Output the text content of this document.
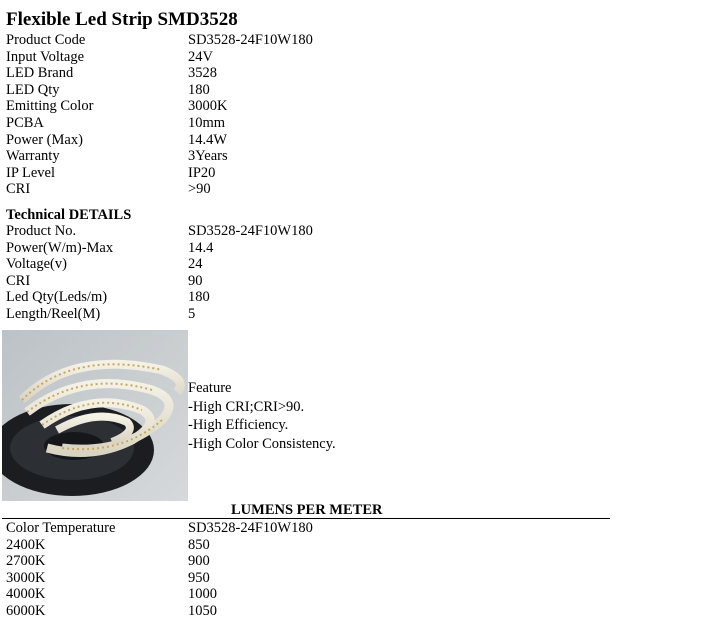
Flexible Led Strip SMD3528
Product Code	SD3528-24F10W180
Input Voltage	24V
LED Brand	3528
LED Qty	180
Emitting Color	3000K
PCBA	10mm
Power (Max)	14.4W
Warranty	3Years
IP Level	IP20
CRI	>90
Technical DETAILS
Product No.	SD3528-24F10W180
Power(W/m)-Max	14.4
Voltage(v)	24
CRI	90
Led Qty(Leds/m)	180
Length/Reel(M)	5
Feature
-High CRI;CRI>90.
-High Efficiency.
-High Color Consistency.
LUMENS PER METER
Color Temperature	SD3528-24F10W180
2400K	850
2700K	900
3000K	950
4000K	1000
6000K	1050
